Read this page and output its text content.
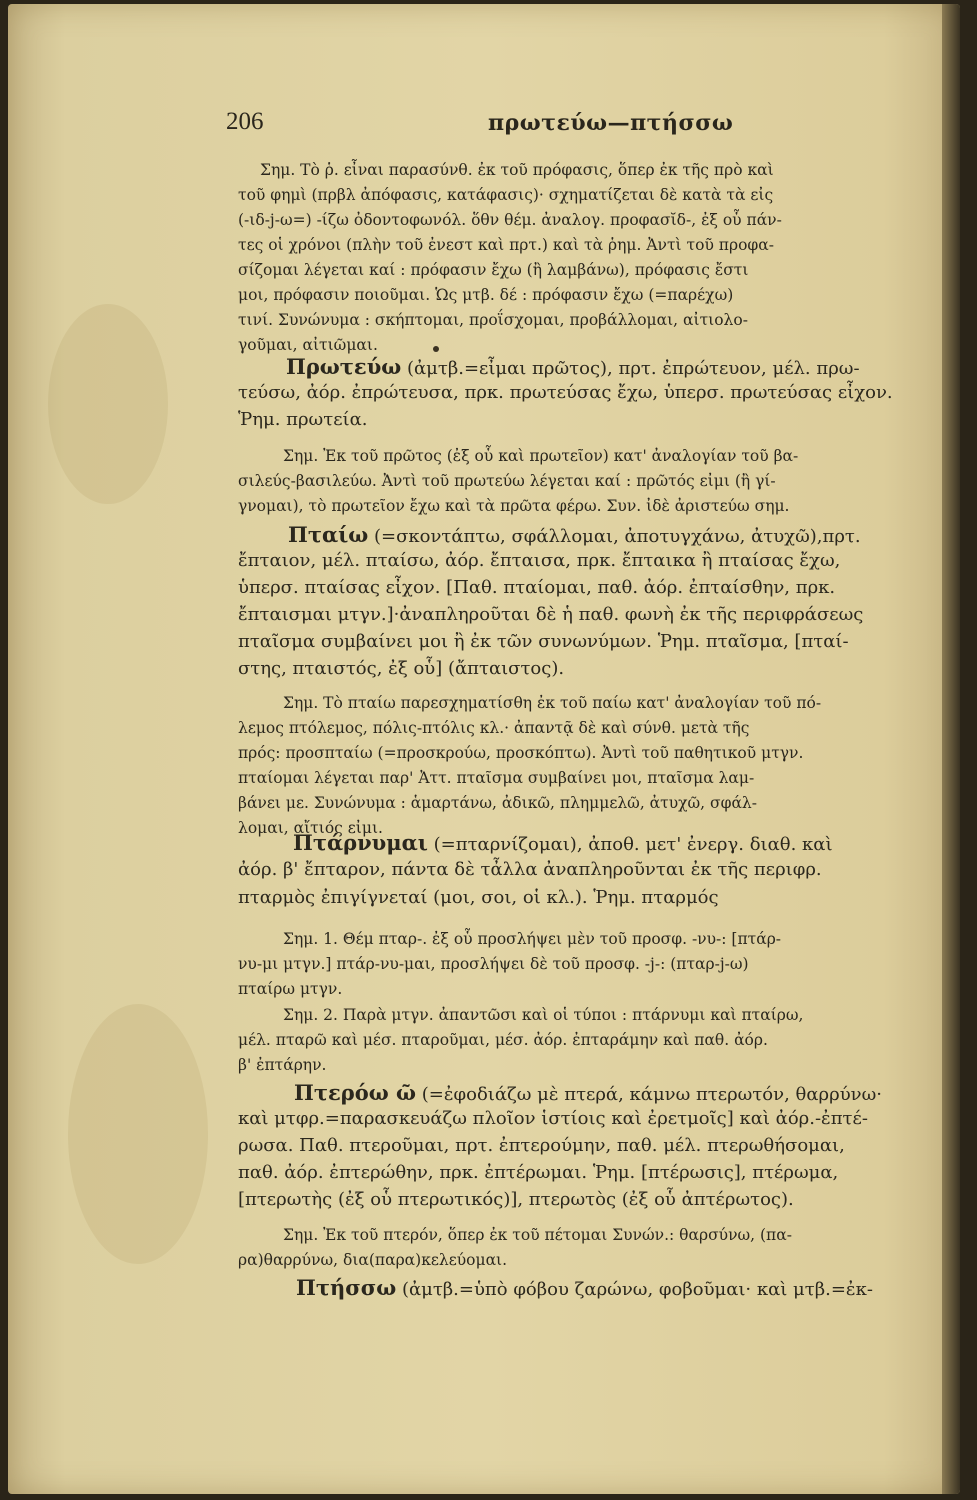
206	πρωτεύω—πτήσσω
Σημ. Τὸ ῥ. εἶναι παρασύνθ. ἐκ τοῦ πρόφασις, ὅπερ ἐκ τῆς πρὸ καὶ
τοῦ φημὶ (πρβλ ἀπόφασις, κατάφασις)· σχηματίζεται δὲ κατὰ τὰ εἰς
(-ιδ-j-ω=) -ίζω ὀδοντοφωνόλ. ὅθν θέμ. ἀναλογ. προφασῐδ-, ἐξ οὗ πάν-
τες οἱ χρόνοι (πλὴν τοῦ ἐνεστ καὶ πρτ.) καὶ τὰ ῥημ. Ἀντὶ τοῦ προφα-
σίζομαι λέγεται καί : πρόφασιν ἔχω (ἢ λαμβάνω), πρόφασις ἔστι
μοι, πρόφασιν ποιοῦμαι. Ὡς μτβ. δέ : πρόφασιν ἔχω (=παρέχω)
τινί. Συνώνυμα : σκήπτομαι, προΐσχομαι, προβάλλομαι, αἰτιολο-
γοῦμαι, αἰτιῶμαι.
Πρωτεύω (ἀμτβ.=εἶμαι πρῶτος), πρτ. ἐπρώτευον, μέλ. πρω-
τεύσω, ἀόρ. ἐπρώτευσα, πρκ. πρωτεύσας ἔχω, ὑπερσ. πρωτεύσας εἶχον.
Ῥημ. πρωτεία.
Σημ. Ἐκ τοῦ πρῶτος (ἐξ οὗ καὶ πρωτεῖον) κατ' ἀναλογίαν τοῦ βα-
σιλεύς-βασιλεύω. Ἀντὶ τοῦ πρωτεύω λέγεται καί : πρῶτός εἰμι (ἢ γί-
γνομαι), τὸ πρωτεῖον ἔχω καὶ τὰ πρῶτα φέρω. Συν. ἰδὲ ἀριστεύω σημ.
Πταίω (=σκοντάπτω, σφάλλομαι, ἀποτυγχάνω, ἀτυχῶ),πρτ.
ἔπταιον, μέλ. πταίσω, ἀόρ. ἔπταισα, πρκ. ἔπταικα ἢ πταίσας ἔχω,
ὑπερσ. πταίσας εἶχον. [Παθ. πταίομαι, παθ. ἀόρ. ἐπταίσθην, πρκ.
ἔπταισμαι μτγν.]·ἀναπληροῦται δὲ ἡ παθ. φωνὴ ἐκ τῆς περιφράσεως
πταῖσμα συμβαίνει μοι ἢ ἐκ τῶν συνωνύμων. Ῥημ. πταῖσμα, [πταί-
στης, πταιστός, ἐξ οὗ] (ἄπταιστος).
Σημ. Τὸ πταίω παρεσχηματίσθη ἐκ τοῦ παίω κατ' ἀναλογίαν τοῦ πό-
λεμος πτόλεμος, πόλις-πτόλις κλ.· ἀπαντᾷ δὲ καὶ σύνθ. μετὰ τῆς
πρός: προσπταίω (=προσκρούω, προσκόπτω). Ἀντὶ τοῦ παθητικοῦ μτγν.
πταίομαι λέγεται παρ' Ἀττ. πταῖσμα συμβαίνει μοι, πταῖσμα λαμ-
βάνει με. Συνώνυμα : ἁμαρτάνω, ἀδικῶ, πλημμελῶ, ἀτυχῶ, σφάλ-
λομαι, αἴτιός εἰμι.
Πτάρνυμαι (=πταρνίζομαι), ἀποθ. μετ' ἐνεργ. διαθ. καὶ
ἀόρ. β' ἔπταρον, πάντα δὲ τἆλλα ἀναπληροῦνται ἐκ τῆς περιφρ.
πταρμὸς ἐπιγίγνεταί (μοι, σοι, οἱ κλ.). Ῥημ. πταρμός
Σημ. 1. Θέμ πταρ-. ἐξ οὗ προσλήψει μὲν τοῦ προσφ. -νυ-: [πτάρ-
νυ-μι μτγν.] πτάρ-νυ-μαι, προσλήψει δὲ τοῦ προσφ. -j-: (πταρ-j-ω)
πταίρω μτγν.
Σημ. 2. Παρὰ μτγν. ἀπαντῶσι καὶ οἱ τύποι : πτάρνυμι καὶ πταίρω,
μέλ. πταρῶ καὶ μέσ. πταροῦμαι, μέσ. ἀόρ. ἐπταράμην καὶ παθ. ἀόρ.
β' ἐπτάρην.
Πτερόω ῶ (=ἐφοδιάζω μὲ πτερά, κάμνω πτερωτόν, θαρρύνω·
καὶ μτφρ.=παρασκευάζω πλοῖον ἱστίοις καὶ ἐρετμοῖς] καὶ ἀόρ.-ἐπτέ-
ρωσα. Παθ. πτεροῦμαι, πρτ. ἐπτερούμην, παθ. μέλ. πτερωθήσομαι,
παθ. ἀόρ. ἐπτερώθην, πρκ. ἐπτέρωμαι. Ῥημ. [πτέρωσις], πτέρωμα,
[πτερωτὴς (ἐξ οὗ πτερωτικός)], πτερωτὸς (ἐξ οὗ ἀπτέρωτος).
Σημ. Ἐκ τοῦ πτερόν, ὅπερ ἐκ τοῦ πέτομαι Συνών.: θαρσύνω, (πα-
ρα)θαρρύνω, δια(παρα)κελεύομαι.
Πτήσσω (ἀμτβ.=ὑπὸ φόβου ζαρώνω, φοβοῦμαι· καὶ μτβ.=ἐκ-
